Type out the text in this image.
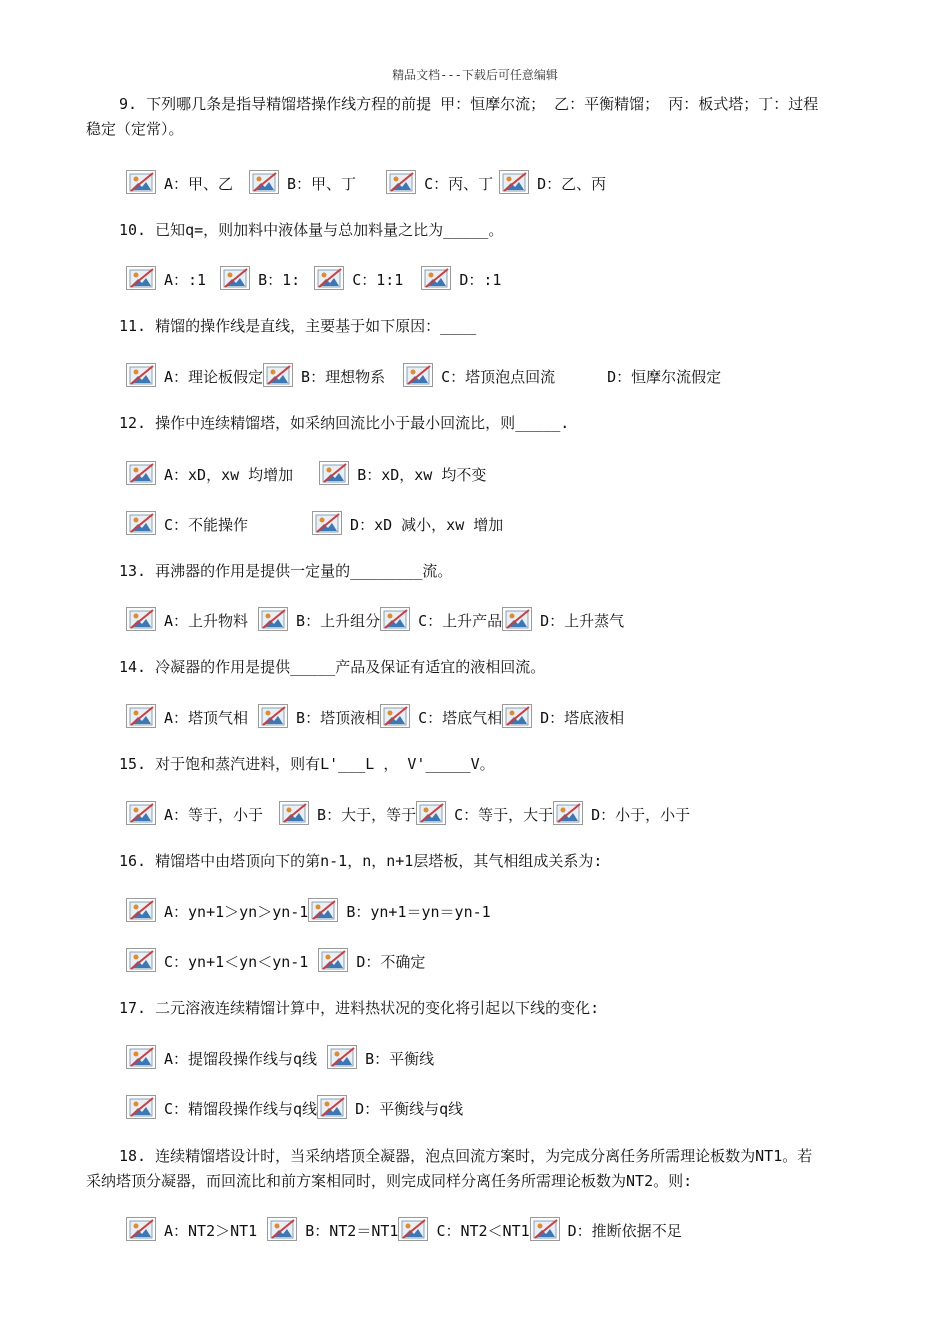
精品文档---下载后可任意编辑
9. 下列哪几条是指导精馏塔操作线方程的前提 甲：恒摩尔流； 乙：平衡精馏； 丙：板式塔；丁：过程稳定（定常）。
A：甲、乙	B：甲、丁	C：丙、丁	D：乙、丙
10. 已知q=，则加料中液体量与总加料量之比为_____。
A：:1	B：1:	C：1:1	D：:1
11. 精馏的操作线是直线，主要基于如下原因：____
A：理论板假定	B：理想物系	C：塔顶泡点回流	D：恒摩尔流假定
12. 操作中连续精馏塔，如采纳回流比小于最小回流比，则_____.
A：xD，xw 均增加	B：xD，xw 均不变
C：不能操作	D：xD 减小，xw 增加
13. 再沸器的作用是提供一定量的________流。
A：上升物料	B：上升组分	C：上升产品	D：上升蒸气
14. 冷凝器的作用是提供_____产品及保证有适宜的液相回流。
A：塔顶气相	B：塔顶液相	C：塔底气相	D：塔底液相
15. 对于饱和蒸汽进料，则有L'___L ， V'_____V。
A：等于，小于	B：大于，等于	C：等于，大于	D：小于，小于
16. 精馏塔中由塔顶向下的第n-1，n，n+1层塔板，其气相组成关系为:
A：yn+1＞yn＞yn-1	B：yn+1＝yn＝yn-1
C：yn+1＜yn＜yn-1	D：不确定
17. 二元溶液连续精馏计算中，进料热状况的变化将引起以下线的变化:
A：提馏段操作线与q线	B：平衡线
C：精馏段操作线与q线	D：平衡线与q线
18. 连续精馏塔设计时，当采纳塔顶全凝器，泡点回流方案时，为完成分离任务所需理论板数为NT1。若采纳塔顶分凝器，而回流比和前方案相同时，则完成同样分离任务所需理论板数为NT2。则:
A：NT2＞NT1	B：NT2＝NT1	C：NT2＜NT1	D：推断依据不足
